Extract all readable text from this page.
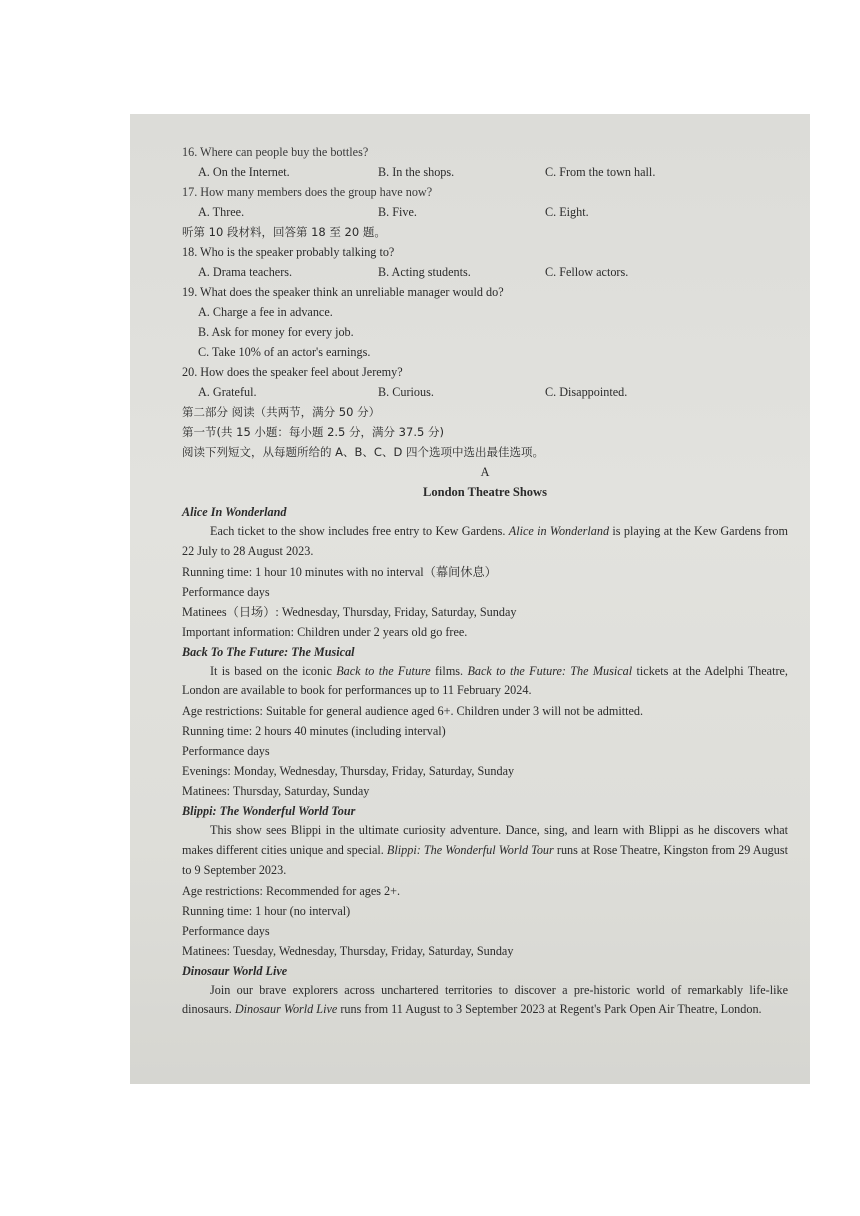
16. Where can people buy the bottles?
A. On the Internet.	B. In the shops.	C. From the town hall.
17. How many members does the group have now?
A. Three.	B. Five.	C. Eight.
听第 10 段材料，回答第 18 至 20 题。
18. Who is the speaker probably talking to?
A. Drama teachers.	B. Acting students.	C. Fellow actors.
19. What does the speaker think an unreliable manager would do?
A. Charge a fee in advance.
B. Ask for money for every job.
C. Take 10% of an actor's earnings.
20. How does the speaker feel about Jeremy?
A. Grateful.	B. Curious.	C. Disappointed.
第二部分 阅读（共两节，满分 50 分）
第一节(共 15 小题：每小题 2.5 分，满分 37.5 分)
阅读下列短文，从每题所给的 A、B、C、D 四个选项中选出最佳选项。
A
London Theatre Shows
Alice In Wonderland
Each ticket to the show includes free entry to Kew Gardens. Alice in Wonderland is playing at the Kew Gardens from 22 July to 28 August 2023.
Running time: 1 hour 10 minutes with no interval（幕间休息）
Performance days
Matinees（日场）: Wednesday, Thursday, Friday, Saturday, Sunday
Important information: Children under 2 years old go free.
Back To The Future: The Musical
It is based on the iconic Back to the Future films. Back to the Future: The Musical tickets at the Adelphi Theatre, London are available to book for performances up to 11 February 2024.
Age restrictions: Suitable for general audience aged 6+. Children under 3 will not be admitted.
Running time: 2 hours 40 minutes (including interval)
Performance days
Evenings: Monday, Wednesday, Thursday, Friday, Saturday, Sunday
Matinees: Thursday, Saturday, Sunday
Blippi: The Wonderful World Tour
This show sees Blippi in the ultimate curiosity adventure. Dance, sing, and learn with Blippi as he discovers what makes different cities unique and special. Blippi: The Wonderful World Tour runs at Rose Theatre, Kingston from 29 August to 9 September 2023.
Age restrictions: Recommended for ages 2+.
Running time: 1 hour (no interval)
Performance days
Matinees: Tuesday, Wednesday, Thursday, Friday, Saturday, Sunday
Dinosaur World Live
Join our brave explorers across unchartered territories to discover a pre-historic world of remarkably life-like dinosaurs. Dinosaur World Live runs from 11 August to 3 September 2023 at Regent's Park Open Air Theatre, London.
